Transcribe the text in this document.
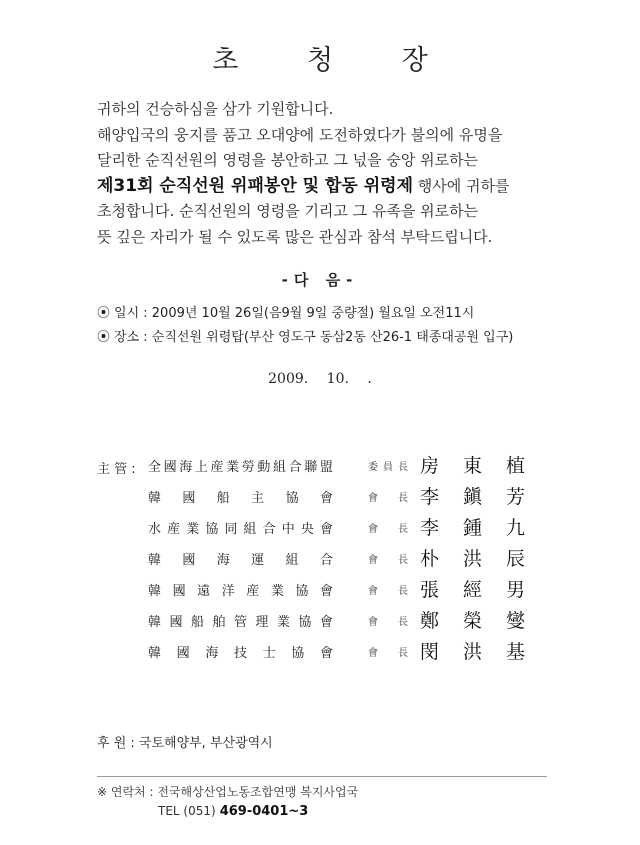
초 청 장
귀하의 건승하심을 삼가 기원합니다.
해양입국의 웅지를 품고 오대양에 도전하였다가 불의에 유명을
달리한 순직선원의 영령을 봉안하고 그 넋을 숭앙 위로하는
제31회 순직선원 위패봉안 및 합동 위령제 행사에 귀하를
초청합니다. 순직선원의 영령을 기리고 그 유족을 위로하는
뜻 깊은 자리가 될 수 있도록 많은 관심과 참석 부탁드립니다.
-다 음-
⦿ 일시 : 2009년 10월 26일(음9월 9일 중량절) 월요일 오전11시
⦿ 장소 : 순직선원 위령탑(부산 영도구 동삼2동 산26-1 태종대공원 입구)
2009. 10. .
主 管 : 全 國 海 上 産 業 勞 動 組 合 聯 盟	委 員 長 房 東 植
韓 國 船 主 協 會	會 長 李 鎭 芳
水 産 業 協 同 組 合 中 央 會	會 長 李 鍾 九
韓 國 海 運 組 合	會 長 朴 洪 辰
韓 國 遠 洋 産 業 協 會	會 長 張 經 男
韓 國 船 舶 管 理 業 協 會	會 長 鄭 榮 燮
韓 國 海 技 士 協 會	會 長 閔 洪 基
후 원 : 국토해양부, 부산광역시
※ 연락처 : 전국해상산업노동조합연맹 복지사업국
TEL (051) 469-0401~3
